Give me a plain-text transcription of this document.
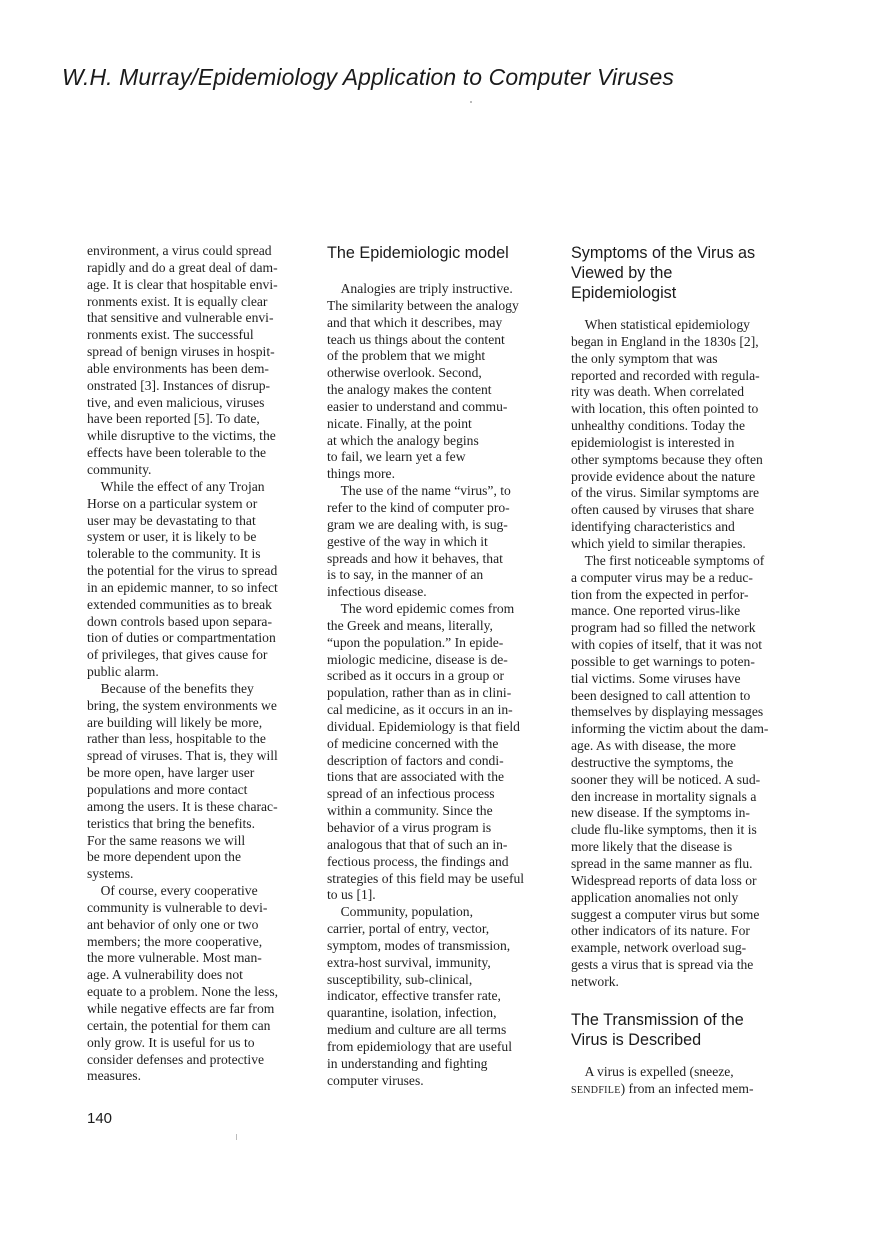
W.H. Murray/Epidemiology Application to Computer Viruses
environment, a virus could spread
rapidly and do a great deal of dam-
age. It is clear that hospitable envi-
ronments exist. It is equally clear
that sensitive and vulnerable envi-
ronments exist. The successful
spread of benign viruses in hospit-
able environments has been dem-
onstrated [3]. Instances of disrup-
tive, and even malicious, viruses
have been reported [5]. To date,
while disruptive to the victims, the
effects have been tolerable to the
community.
 While the effect of any Trojan
Horse on a particular system or
user may be devastating to that
system or user, it is likely to be
tolerable to the community. It is
the potential for the virus to spread
in an epidemic manner, to so infect
extended communities as to break
down controls based upon separa-
tion of duties or compartmentation
of privileges, that gives cause for
public alarm.
 Because of the benefits they
bring, the system environments we
are building will likely be more,
rather than less, hospitable to the
spread of viruses. That is, they will
be more open, have larger user
populations and more contact
among the users. It is these charac-
teristics that bring the benefits.
For the same reasons we will
be more dependent upon the
systems.
 Of course, every cooperative
community is vulnerable to devi-
ant behavior of only one or two
members; the more cooperative,
the more vulnerable. Most man-
age. A vulnerability does not
equate to a problem. None the less,
while negative effects are far from
certain, the potential for them can
only grow. It is useful for us to
consider defenses and protective
measures.
The Epidemiologic model
 Analogies are triply instructive.
The similarity between the analogy
and that which it describes, may
teach us things about the content
of the problem that we might
otherwise overlook. Second,
the analogy makes the content
easier to understand and commu-
nicate. Finally, at the point
at which the analogy begins
to fail, we learn yet a few
things more.
 The use of the name “virus”, to
refer to the kind of computer pro-
gram we are dealing with, is sug-
gestive of the way in which it
spreads and how it behaves, that
is to say, in the manner of an
infectious disease.
 The word epidemic comes from
the Greek and means, literally,
“upon the population.” In epide-
miologic medicine, disease is de-
scribed as it occurs in a group or
population, rather than as in clini-
cal medicine, as it occurs in an in-
dividual. Epidemiology is that field
of medicine concerned with the
description of factors and condi-
tions that are associated with the
spread of an infectious process
within a community. Since the
behavior of a virus program is
analogous that that of such an in-
fectious process, the findings and
strategies of this field may be useful
to us [1].
 Community, population,
carrier, portal of entry, vector,
symptom, modes of transmission,
extra-host survival, immunity,
susceptibility, sub-clinical,
indicator, effective transfer rate,
quarantine, isolation, infection,
medium and culture are all terms
from epidemiology that are useful
in understanding and fighting
computer viruses.
Symptoms of the Virus as
Viewed by the
Epidemiologist
 When statistical epidemiology
began in England in the 1830s [2],
the only symptom that was
reported and recorded with regula-
rity was death. When correlated
with location, this often pointed to
unhealthy conditions. Today the
epidemiologist is interested in
other symptoms because they often
provide evidence about the nature
of the virus. Similar symptoms are
often caused by viruses that share
identifying characteristics and
which yield to similar therapies.
 The first noticeable symptoms of
a computer virus may be a reduc-
tion from the expected in perfor-
mance. One reported virus-like
program had so filled the network
with copies of itself, that it was not
possible to get warnings to poten-
tial victims. Some viruses have
been designed to call attention to
themselves by displaying messages
informing the victim about the dam-
age. As with disease, the more
destructive the symptoms, the
sooner they will be noticed. A sud-
den increase in mortality signals a
new disease. If the symptoms in-
clude flu-like symptoms, then it is
more likely that the disease is
spread in the same manner as flu.
Widespread reports of data loss or
application anomalies not only
suggest a computer virus but some
other indicators of its nature. For
example, network overload sug-
gests a virus that is spread via the
network.
The Transmission of the
Virus is Described
 A virus is expelled (sneeze,
sendfile) from an infected mem-
140
